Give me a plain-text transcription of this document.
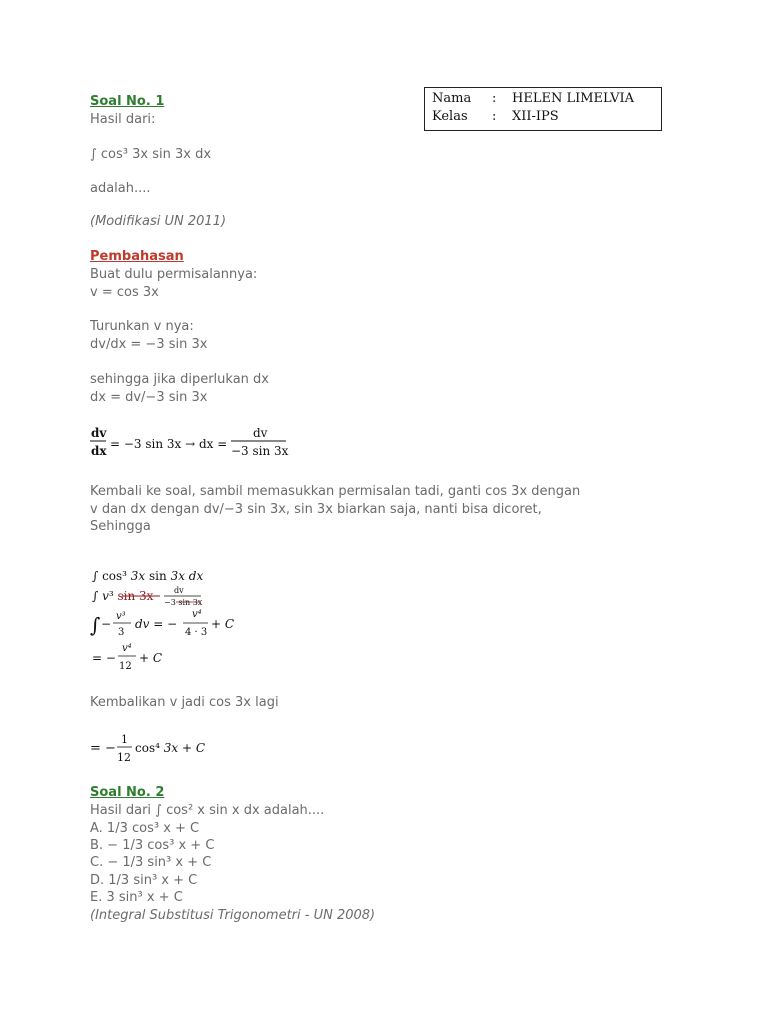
Nama : HELEN LIMELVIA
Kelas : XII-IPS
Soal No. 1
Hasil dari:
∫ cos³ 3x sin 3x dx
adalah....
(Modifikasi UN 2011)
Pembahasan
Buat dulu permisalannya:
v = cos 3x
Turunkan v nya:
dv/dx = −3 sin 3x
sehingga jika diperlukan dx
dx = dv/−3 sin 3x
dv
dx = −3 sin 3x → dx =
dv
−3 sin 3x
Kembali ke soal, sambil memasukkan permisalan tadi, ganti cos 3x dengan
v dan dx dengan dv/−3 sin 3x, sin 3x biarkan saja, nanti bisa dicoret,
Sehingga
∫ cos³ 3x sin 3x dx
∫ v³ sin 3x	dv
−3 sin 3x
∫ −
v³
3
dv = −
v⁴
4 · 3
+ C
= −
v⁴
12
+ C
Kembalikan v jadi cos 3x lagi
= −
1
12
cos⁴ 3x + C
Soal No. 2
Hasil dari ∫ cos² x sin x dx adalah....
A. 1/3 cos³ x + C
B. − 1/3 cos³ x + C
C. − 1/3 sin³ x + C
D. 1/3 sin³ x + C
E. 3 sin³ x + C
(Integral Substitusi Trigonometri - UN 2008)
